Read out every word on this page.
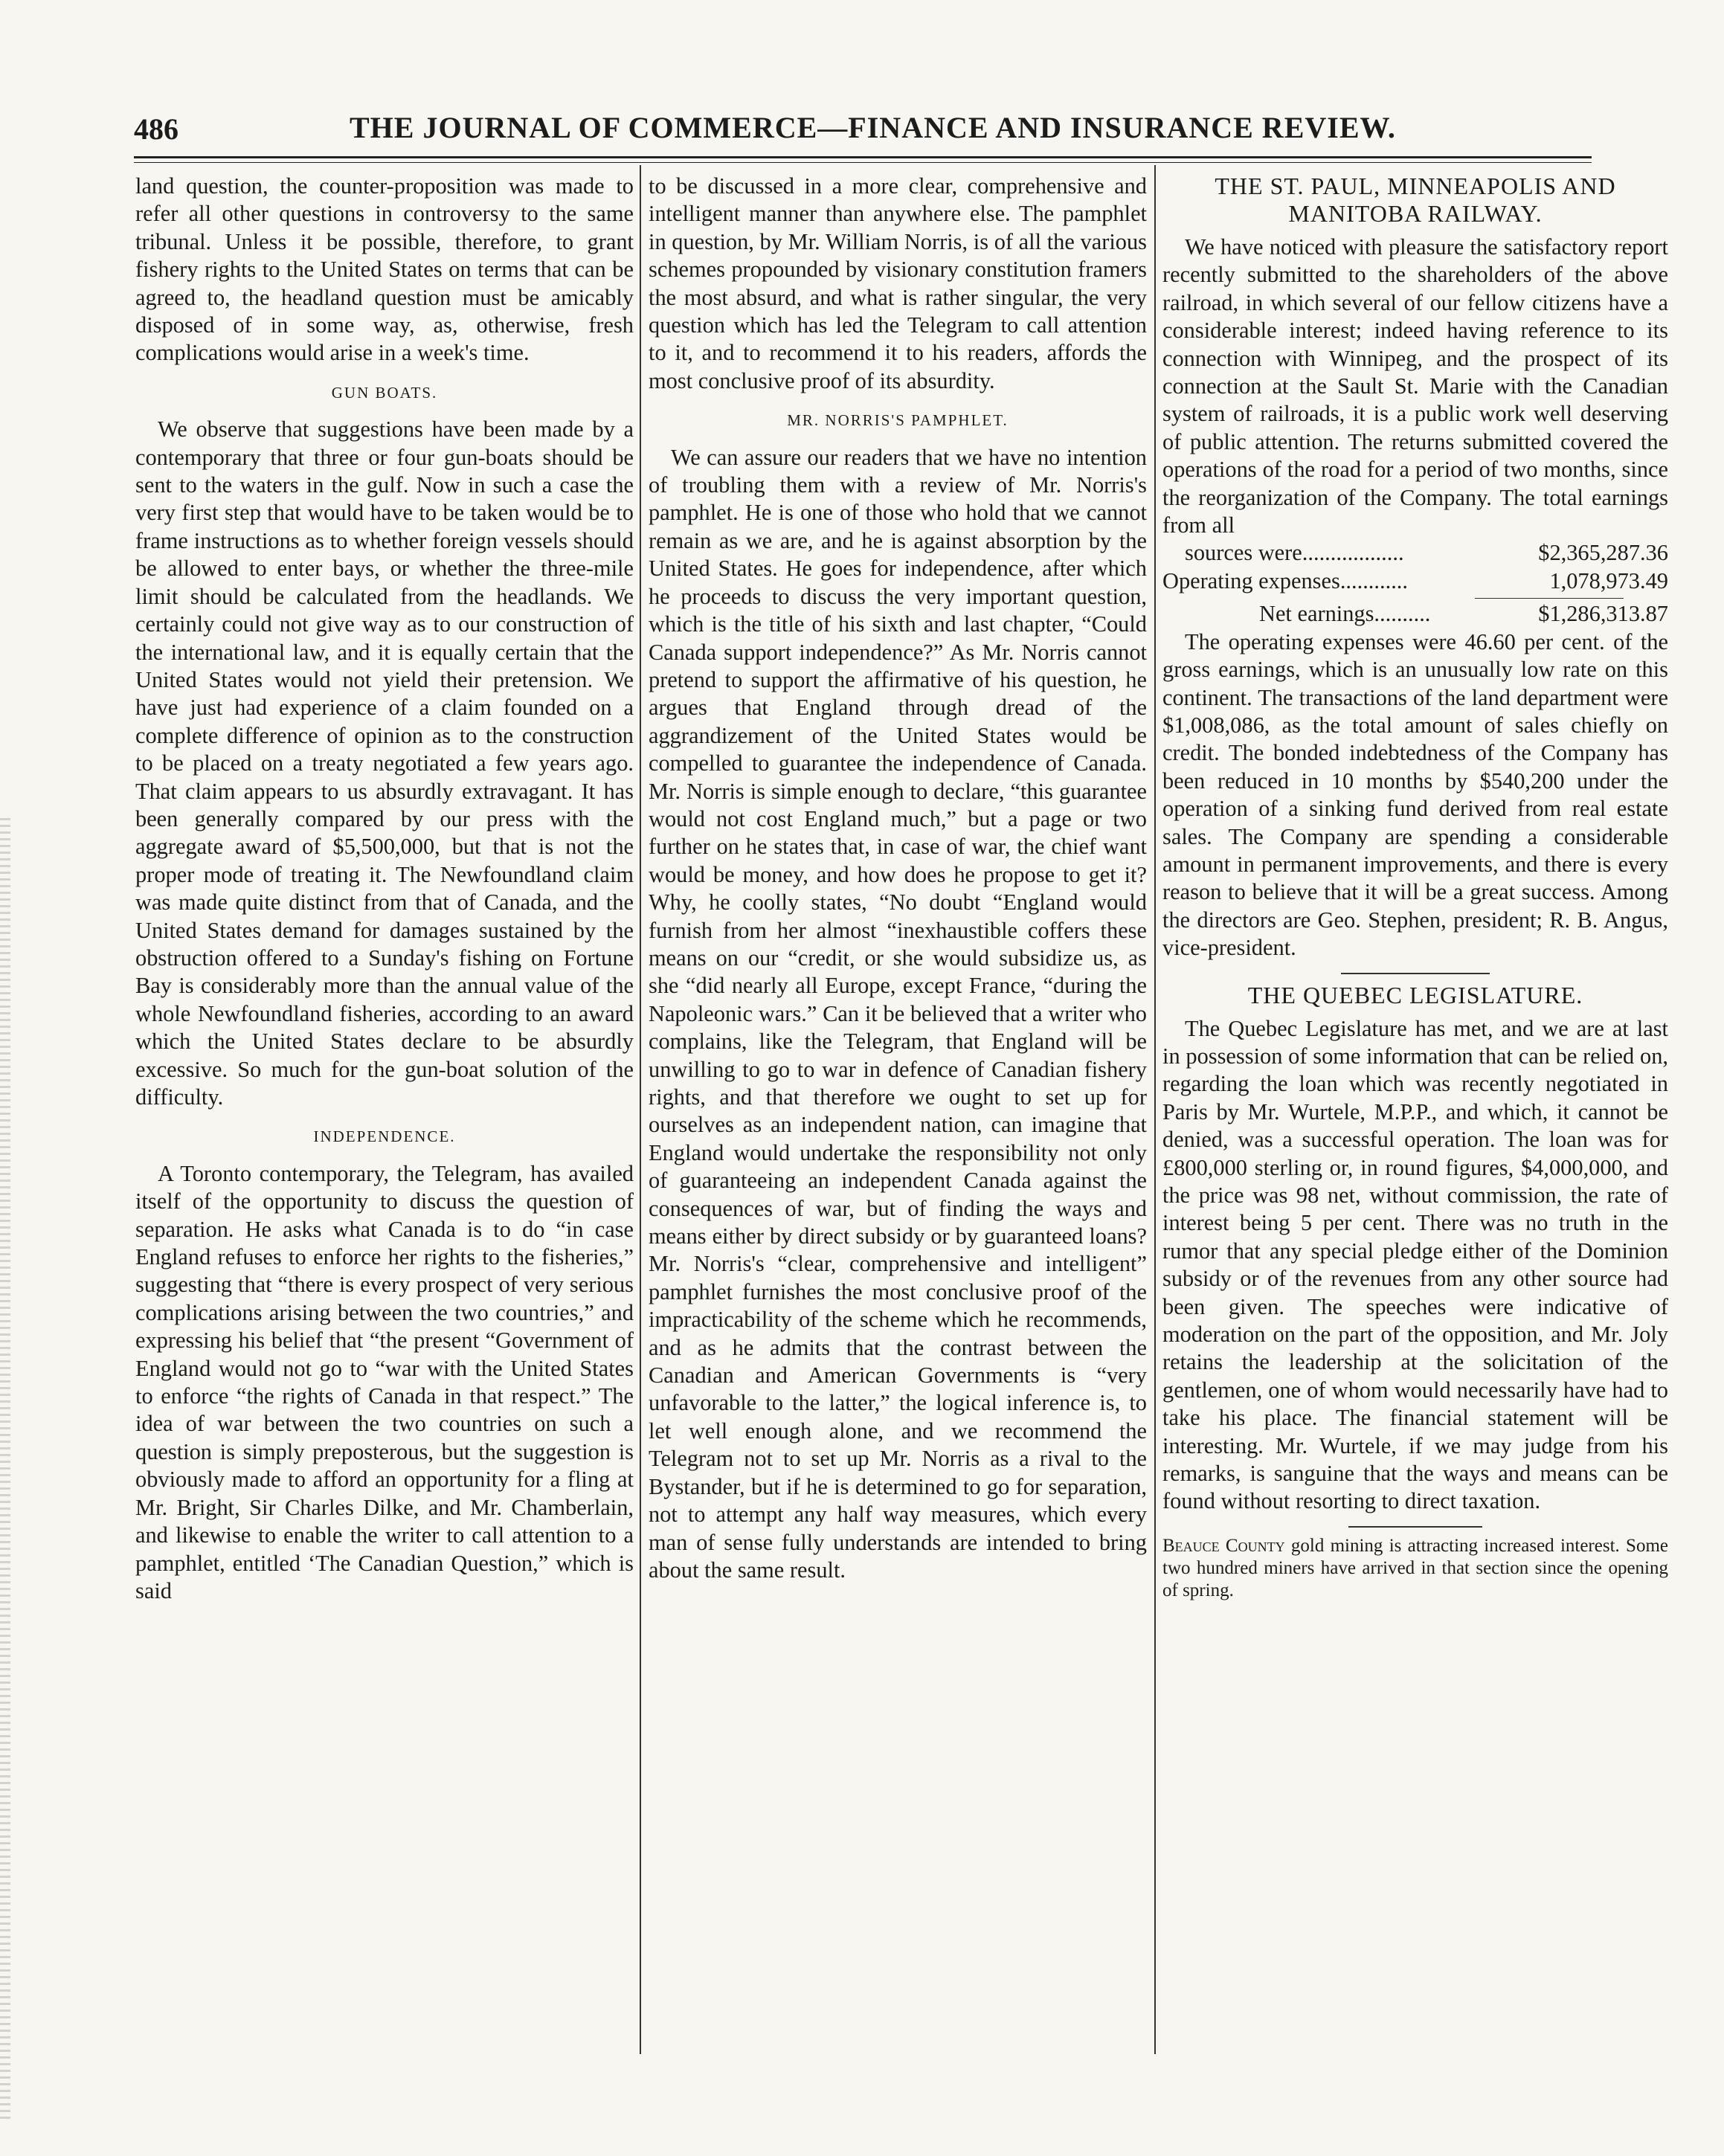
486	THE JOURNAL OF COMMERCE—FINANCE AND INSURANCE REVIEW.

land question, the counter-proposition was made to refer all other questions in controversy to the same tribunal. Unless it be possible, therefore, to grant fishery rights to the United States on terms that can be agreed to, the headland question must be amicably disposed of in some way, as, otherwise, fresh complications would arise in a week's time.

GUN BOATS.

We observe that suggestions have been made by a contemporary that three or four gun-boats should be sent to the waters in the gulf. Now in such a case the very first step that would have to be taken would be to frame instructions as to whether foreign vessels should be allowed to enter bays, or whether the three-mile limit should be calculated from the headlands. We certainly could not give way as to our construction of the international law, and it is equally certain that the United States would not yield their pretension. We have just had experience of a claim founded on a complete difference of opinion as to the construction to be placed on a treaty negotiated a few years ago. That claim appears to us absurdly extravagant. It has been generally compared by our press with the aggregate award of $5,500,000, but that is not the proper mode of treating it. The Newfoundland claim was made quite distinct from that of Canada, and the United States demand for damages sustained by the obstruction offered to a Sunday's fishing on Fortune Bay is considerably more than the annual value of the whole Newfoundland fisheries, according to an award which the United States declare to be absurdly excessive. So much for the gun-boat solution of the difficulty.

INDEPENDENCE.

A Toronto contemporary, the Telegram, has availed itself of the opportunity to discuss the question of separation. He asks what Canada is to do “in case England refuses to enforce her rights to the fisheries,” suggesting that “there is every prospect of very serious complications arising between the two countries,” and expressing his belief that “the present “Government of England would not go to “war with the United States to enforce “the rights of Canada in that respect.” The idea of war between the two countries on such a question is simply preposterous, but the suggestion is obviously made to afford an opportunity for a fling at Mr. Bright, Sir Charles Dilke, and Mr. Chamberlain, and likewise to enable the writer to call attention to a pamphlet, entitled ‘The Canadian Question,” which is said

to be discussed in a more clear, comprehensive and intelligent manner than anywhere else. The pamphlet in question, by Mr. William Norris, is of all the various schemes propounded by visionary constitution framers the most absurd, and what is rather singular, the very question which has led the Telegram to call attention to it, and to recommend it to his readers, affords the most conclusive proof of its absurdity.

MR. NORRIS'S PAMPHLET.

We can assure our readers that we have no intention of troubling them with a review of Mr. Norris's pamphlet. He is one of those who hold that we cannot remain as we are, and he is against absorption by the United States. He goes for independence, after which he proceeds to discuss the very important question, which is the title of his sixth and last chapter, “Could Canada support independence?” As Mr. Norris cannot pretend to support the affirmative of his question, he argues that England through dread of the aggrandizement of the United States would be compelled to guarantee the independence of Canada. Mr. Norris is simple enough to declare, “this guarantee would not cost England much,” but a page or two further on he states that, in case of war, the chief want would be money, and how does he propose to get it? Why, he coolly states, “No doubt “England would furnish from her almost “inexhaustible coffers these means on our “credit, or she would subsidize us, as she “did nearly all Europe, except France, “during the Napoleonic wars.” Can it be believed that a writer who complains, like the Telegram, that England will be unwilling to go to war in defence of Canadian fishery rights, and that therefore we ought to set up for ourselves as an independent nation, can imagine that England would undertake the responsibility not only of guaranteeing an independent Canada against the consequences of war, but of finding the ways and means either by direct subsidy or by guaranteed loans? Mr. Norris's “clear, comprehensive and intelligent” pamphlet furnishes the most conclusive proof of the impracticability of the scheme which he recommends, and as he admits that the contrast between the Canadian and American Governments is “very unfavorable to the latter,” the logical inference is, to let well enough alone, and we recommend the Telegram not to set up Mr. Norris as a rival to the Bystander, but if he is determined to go for separation, not to attempt any half way measures, which every man of sense fully understands are intended to bring about the same result.

THE ST. PAUL, MINNEAPOLIS AND MANITOBA RAILWAY.

We have noticed with pleasure the satisfactory report recently submitted to the shareholders of the above railroad, in which several of our fellow citizens have a considerable interest; indeed having reference to its connection with Winnipeg, and the prospect of its connection at the Sault St. Marie with the Canadian system of railroads, it is a public work well deserving of public attention. The returns submitted covered the operations of the road for a period of two months, since the reorganization of the Company. The total earnings from all

sources were..................	$2,365,287.36
Operating expenses............	1,078,973.49
Net earnings..........	$1,286,313.87

The operating expenses were 46.60 per cent. of the gross earnings, which is an unusually low rate on this continent. The transactions of the land department were $1,008,086, as the total amount of sales chiefly on credit. The bonded indebtedness of the Company has been reduced in 10 months by $540,200 under the operation of a sinking fund derived from real estate sales. The Company are spending a considerable amount in permanent improvements, and there is every reason to believe that it will be a great success. Among the directors are Geo. Stephen, president; R. B. Angus, vice-president.

THE QUEBEC LEGISLATURE.

The Quebec Legislature has met, and we are at last in possession of some information that can be relied on, regarding the loan which was recently negotiated in Paris by Mr. Wurtele, M.P.P., and which, it cannot be denied, was a successful operation. The loan was for £800,000 sterling or, in round figures, $4,000,000, and the price was 98 net, without commission, the rate of interest being 5 per cent. There was no truth in the rumor that any special pledge either of the Dominion subsidy or of the revenues from any other source had been given. The speeches were indicative of moderation on the part of the opposition, and Mr. Joly retains the leadership at the solicitation of the gentlemen, one of whom would necessarily have had to take his place. The financial statement will be interesting. Mr. Wurtele, if we may judge from his remarks, is sanguine that the ways and means can be found without resorting to direct taxation.

Beauce County gold mining is attracting increased interest. Some two hundred miners have arrived in that section since the opening of spring.
